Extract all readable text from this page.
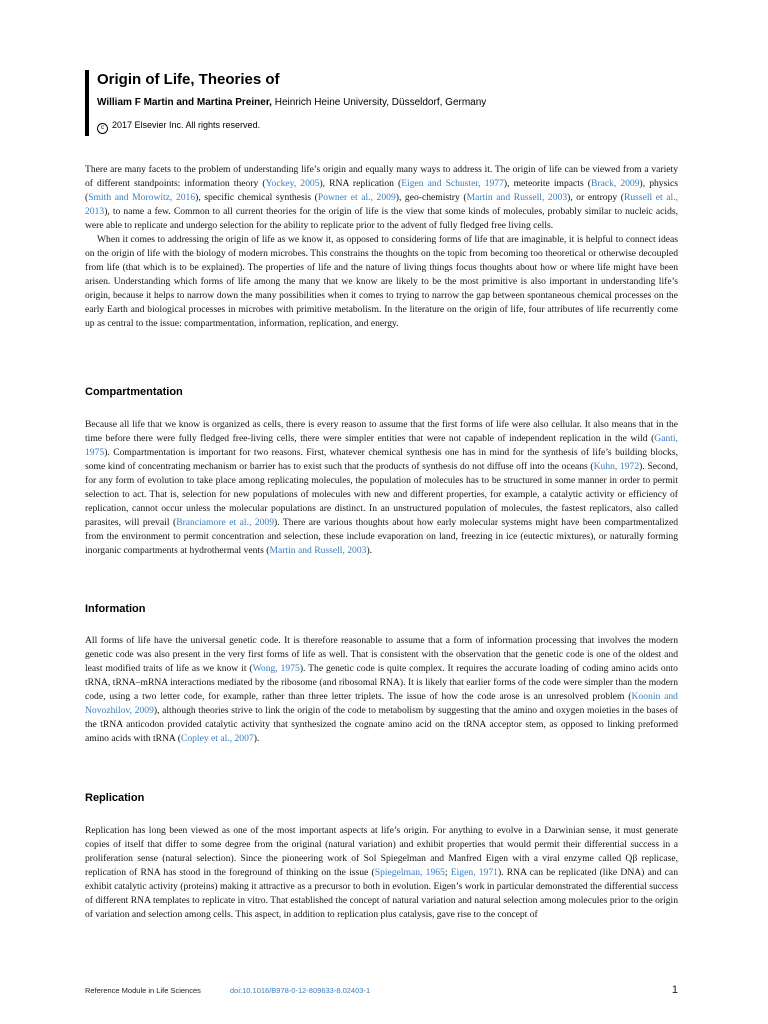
Origin of Life, Theories of
William F Martin and Martina Preiner, Heinrich Heine University, Düsseldorf, Germany
c 2017 Elsevier Inc. All rights reserved.

There are many facets to the problem of understanding life’s origin and equally many ways to address it. The origin of life can be viewed from a variety of different standpoints: information theory (Yockey, 2005), RNA replication (Eigen and Schuster, 1977), meteorite impacts (Brack, 2009), physics (Smith and Morowitz, 2016), specific chemical synthesis (Powner et al., 2009), geo-chemistry (Martin and Russell, 2003), or entropy (Russell et al., 2013), to name a few. Common to all current theories for the origin of life is the view that some kinds of molecules, probably similar to nucleic acids, were able to replicate and undergo selection for the ability to replicate prior to the advent of fully fledged free living cells.

When it comes to addressing the origin of life as we know it, as opposed to considering forms of life that are imaginable, it is helpful to connect ideas on the origin of life with the biology of modern microbes. This constrains the thoughts on the topic from becoming too theoretical or otherwise decoupled from life (that which is to be explained). The properties of life and the nature of living things focus thoughts about how or where life might have been arisen. Understanding which forms of life among the many that we know are likely to be the most primitive is also important in understanding life’s origin, because it helps to narrow down the many possibilities when it comes to trying to narrow the gap between spontaneous chemical processes on the early Earth and biological processes in microbes with primitive metabolism. In the literature on the origin of life, four attributes of life recurrently come up as central to the issue: compartmentation, information, replication, and energy.

Compartmentation

Because all life that we know is organized as cells, there is every reason to assume that the first forms of life were also cellular. It also means that in the time before there were fully fledged free-living cells, there were simpler entities that were not capable of independent replication in the wild (Gantí, 1975). Compartmentation is important for two reasons. First, whatever chemical synthesis one has in mind for the synthesis of life’s building blocks, some kind of concentrating mechanism or barrier has to exist such that the products of synthesis do not diffuse off into the oceans (Kuhn, 1972). Second, for any form of evolution to take place among replicating molecules, the population of molecules has to be structured in some manner in order to permit selection to act. That is, selection for new populations of molecules with new and different properties, for example, a catalytic activity or efficiency of replication, cannot occur unless the molecular populations are distinct. In an unstructured population of molecules, the fastest replicators, also called parasites, will prevail (Branciamore et al., 2009). There are various thoughts about how early molecular systems might have been compartmentalized from the environment to permit concentration and selection, these include evaporation on land, freezing in ice (eutectic mixtures), or naturally forming inorganic compartments at hydrothermal vents (Martin and Russell, 2003).

Information

All forms of life have the universal genetic code. It is therefore reasonable to assume that a form of information processing that involves the modern genetic code was also present in the very first forms of life as well. That is consistent with the observation that the genetic code is one of the oldest and least modified traits of life as we know it (Wong, 1975). The genetic code is quite complex. It requires the accurate loading of coding amino acids onto tRNA, tRNA–mRNA interactions mediated by the ribosome (and ribosomal RNA). It is likely that earlier forms of the code were simpler than the modern code, using a two letter code, for example, rather than three letter triplets. The issue of how the code arose is an unresolved problem (Koonin and Novozhilov, 2009), although theories strive to link the origin of the code to metabolism by suggesting that the amino and oxygen moieties in the bases of the tRNA anticodon provided catalytic activity that synthesized the cognate amino acid on the tRNA acceptor stem, as opposed to linking preformed amino acids with tRNA (Copley et al., 2007).

Replication

Replication has long been viewed as one of the most important aspects at life’s origin. For anything to evolve in a Darwinian sense, it must generate copies of itself that differ to some degree from the original (natural variation) and exhibit properties that would permit their differential success in a proliferation sense (natural selection). Since the pioneering work of Sol Spiegelman and Manfred Eigen with a viral enzyme called Qβ replicase, replication of RNA has stood in the foreground of thinking on the issue (Spiegelman, 1965; Eigen, 1971). RNA can be replicated (like DNA) and can exhibit catalytic activity (proteins) making it attractive as a precursor to both in evolution. Eigen’s work in particular demonstrated the differential success of different RNA templates to replicate in vitro. That established the concept of natural variation and natural selection among molecules prior to the origin of variation and selection among cells. This aspect, in addition to replication plus catalysis, gave rise to the concept of

Reference Module in Life Sciences	doi:10.1016/B978-0-12-809633-8.02403-1	1
